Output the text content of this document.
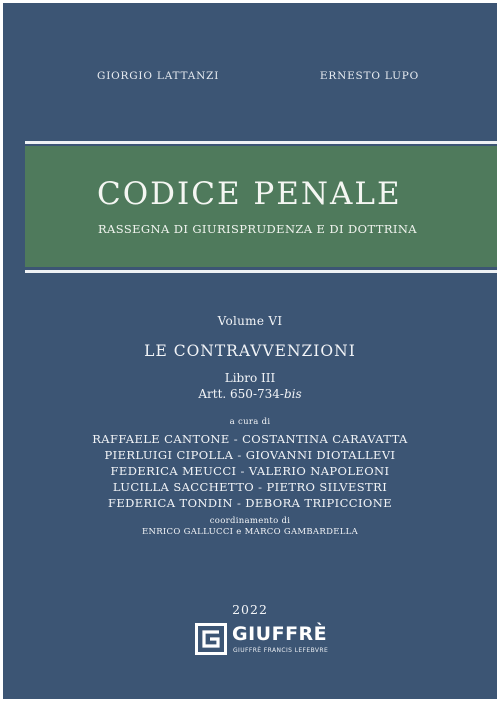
GIORGIO LATTANZI	ERNESTO LUPO
CODICE PENALE
RASSEGNA DI GIURISPRUDENZA E DI DOTTRINA
Volume VI
LE CONTRAVVENZIONI
Libro III
Artt. 650-734-bis
a cura di
RAFFAELE CANTONE - COSTANTINA CARAVATTA
PIERLUIGI CIPOLLA - GIOVANNI DIOTALLEVI
FEDERICA MEUCCI - VALERIO NAPOLEONI
LUCILLA SACCHETTO - PIETRO SILVESTRI
FEDERICA TONDIN - DEBORA TRIPICCIONE
coordinamento di
ENRICO GALLUCCI e MARCO GAMBARDELLA
2022
GIUFFRÈ
GIUFFRÈ FRANCIS LEFEBVRE
